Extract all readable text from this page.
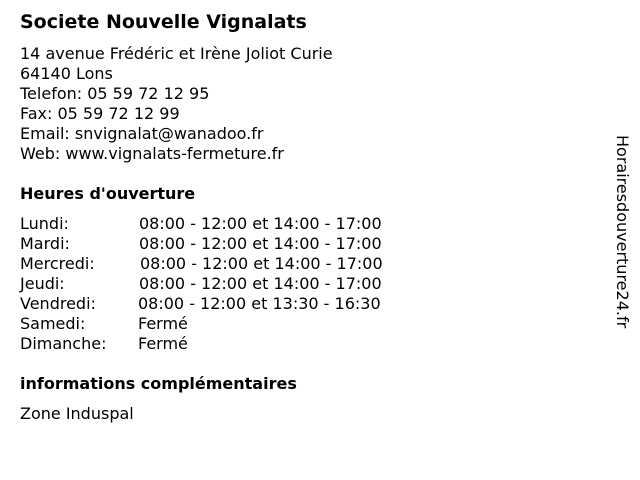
Societe Nouvelle Vignalats
14 avenue Frédéric et Irène Joliot Curie
64140 Lons
Telefon: 05 59 72 12 95
Fax: 05 59 72 12 99
Email: snvignalat@wanadoo.fr
Web: www.vignalats-fermeture.fr
Heures d'ouverture
Lundi:	08:00 - 12:00 et 14:00 - 17:00
Mardi:	08:00 - 12:00 et 14:00 - 17:00
Mercredi:	08:00 - 12:00 et 14:00 - 17:00
Jeudi:	08:00 - 12:00 et 14:00 - 17:00
Vendredi:	08:00 - 12:00 et 13:30 - 16:30
Samedi:	Fermé
Dimanche: Fermé
informations complémentaires
Zone Induspal
Horairesdouverture24.fr
